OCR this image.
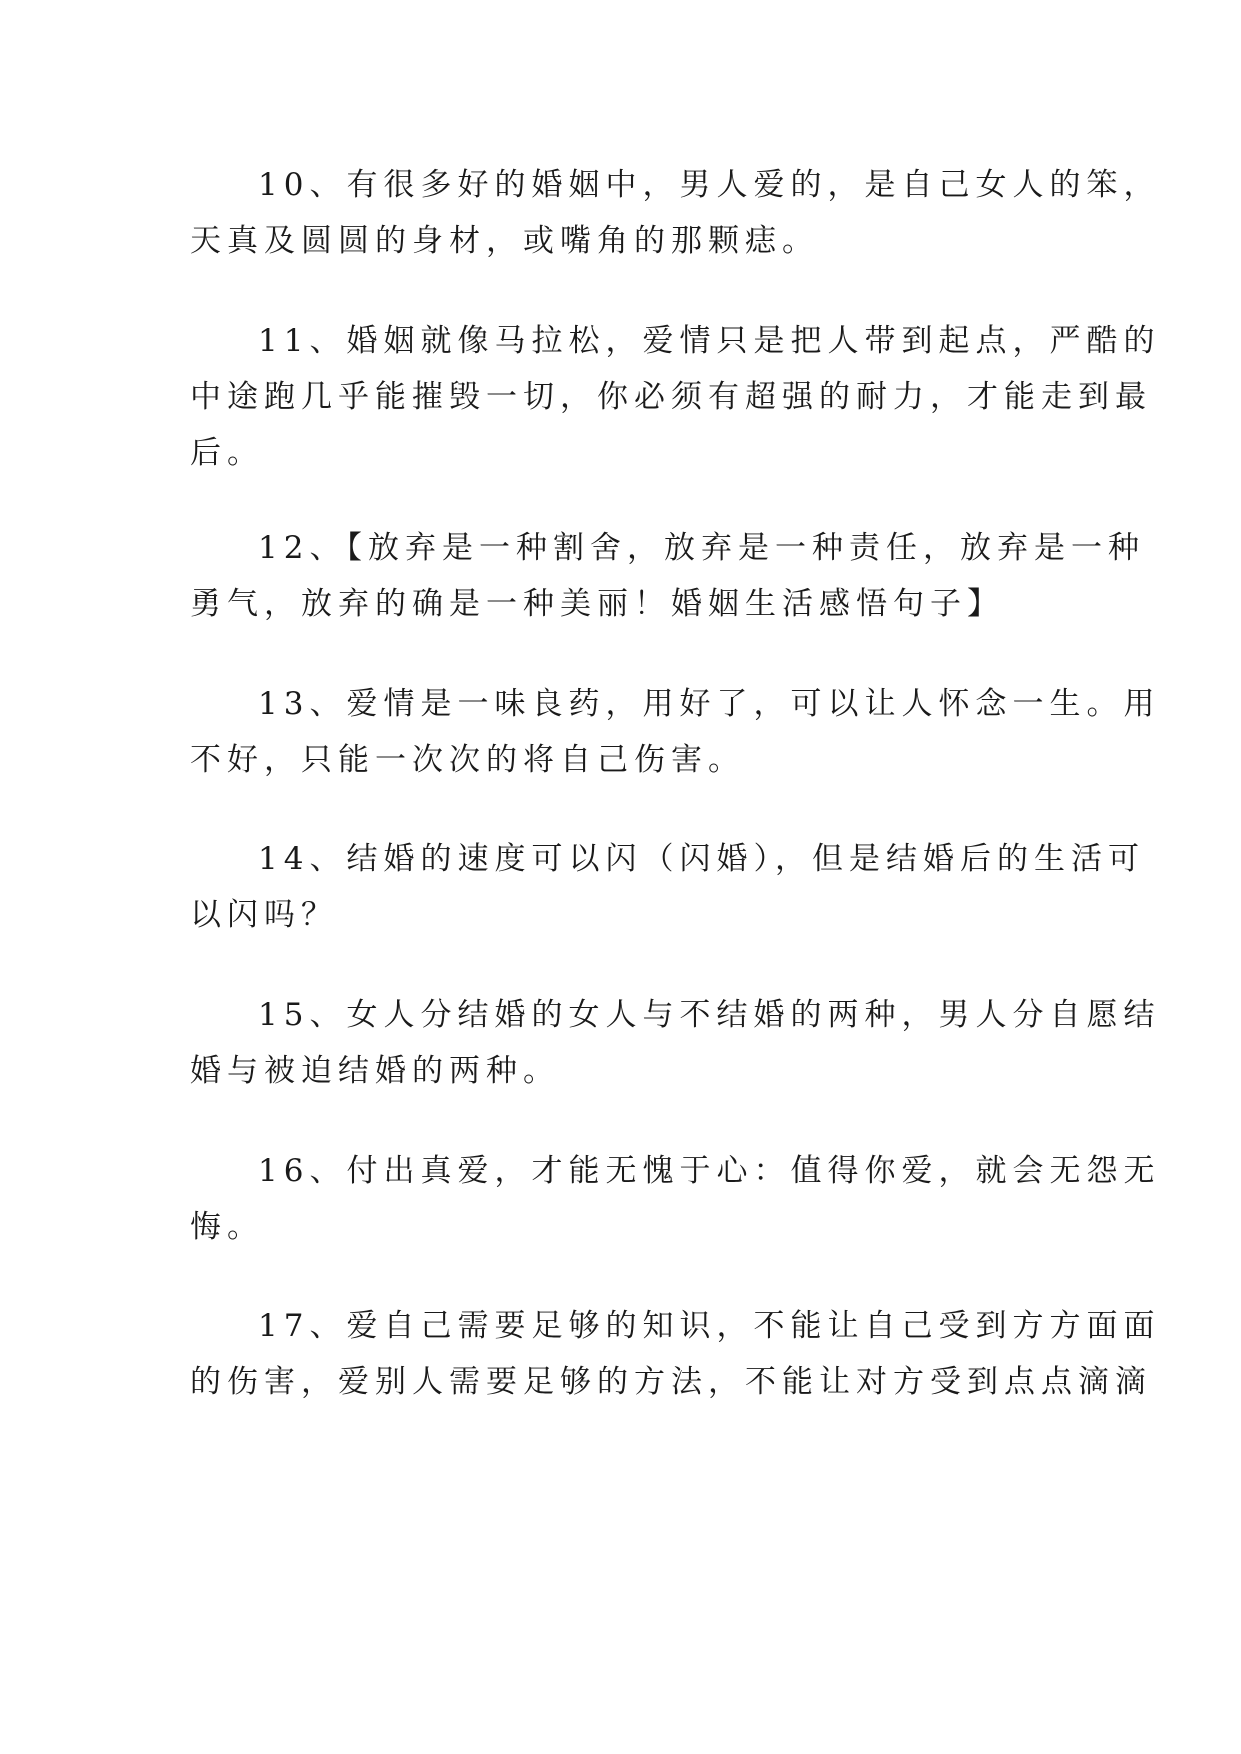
10、有很多好的婚姻中，男人爱的，是自己女人的笨，
天真及圆圆的身材，或嘴角的那颗痣。
11、婚姻就像马拉松，爱情只是把人带到起点，严酷的
中途跑几乎能摧毁一切，你必须有超强的耐力，才能走到最
后。
12、【放弃是一种割舍，放弃是一种责任，放弃是一种
勇气，放弃的确是一种美丽！婚姻生活感悟句子】
13、爱情是一味良药，用好了，可以让人怀念一生。用
不好，只能一次次的将自己伤害。
14、结婚的速度可以闪（闪婚），但是结婚后的生活可
以闪吗？
15、女人分结婚的女人与不结婚的两种，男人分自愿结
婚与被迫结婚的两种。
16、付出真爱，才能无愧于心：值得你爱，就会无怨无
悔。
17、爱自己需要足够的知识，不能让自己受到方方面面
的伤害，爱别人需要足够的方法，不能让对方受到点点滴滴
